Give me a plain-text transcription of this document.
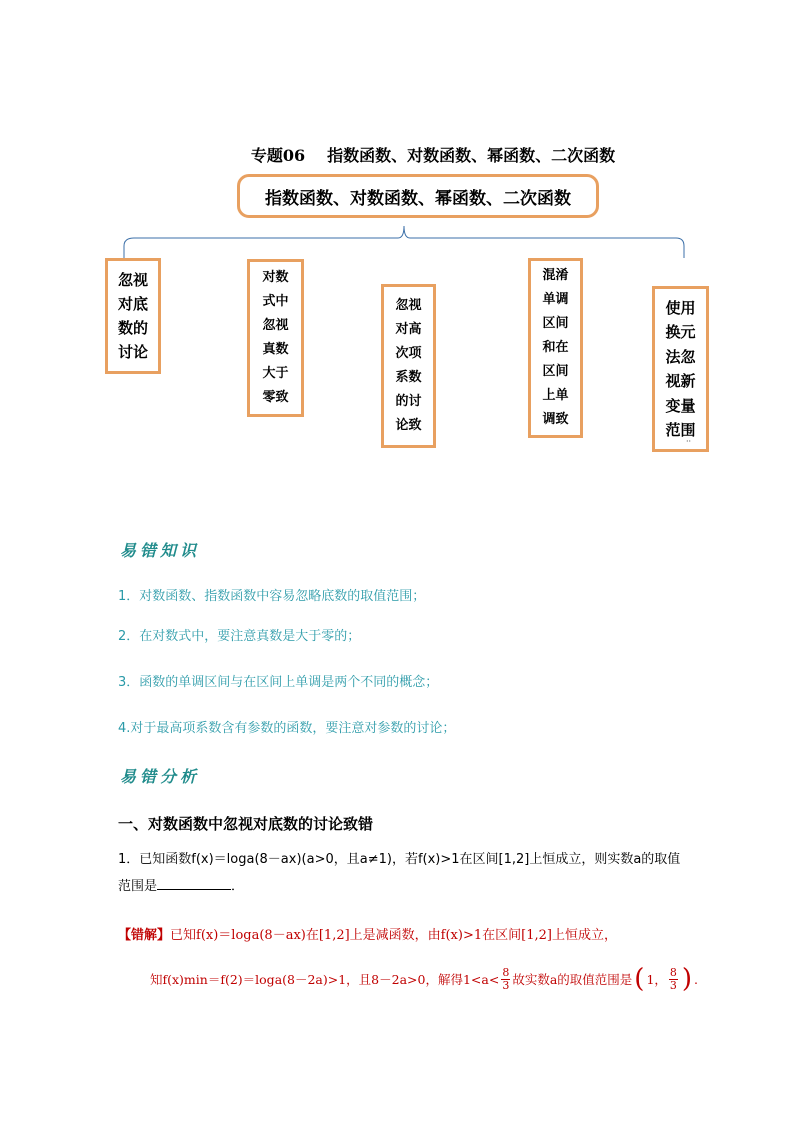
专题06 指数函数、对数函数、幂函数、二次函数
指数函数、对数函数、幂函数、二次函数
忽视
对底
数的
讨论
对数
式中
忽视
真数
大于
零致
忽视
对高
次项
系数
的讨
论致
混淆
单调
区间
和在
区间
上单
调致
使用
换元
法忽
视新
变量
范围
··
易错知识
1．对数函数、指数函数中容易忽略底数的取值范围；
2．在对数式中，要注意真数是大于零的；
3．函数的单调区间与在区间上单调是两个不同的概念；
4.对于最高项系数含有参数的函数，要注意对参数的讨论；
易错分析
一、对数函数中忽视对底数的讨论致错
1．已知函数f(x)＝loga(8－ax)(a>0，且a≠1)，若f(x)>1在区间[1,2]上恒成立，则实数a的取值范围是	．
【错解】已知f(x)＝loga(8－ax)在[1,2]上是减函数，由f(x)>1在区间[1,2]上恒成立，
知f(x)min＝f(2)＝loga(8－2a)>1，且8－2a>0，解得$1<a< \frac{8}{3}$ 故实数a的取值范围是 ( 1， $\frac{8}{3}$ ) .
